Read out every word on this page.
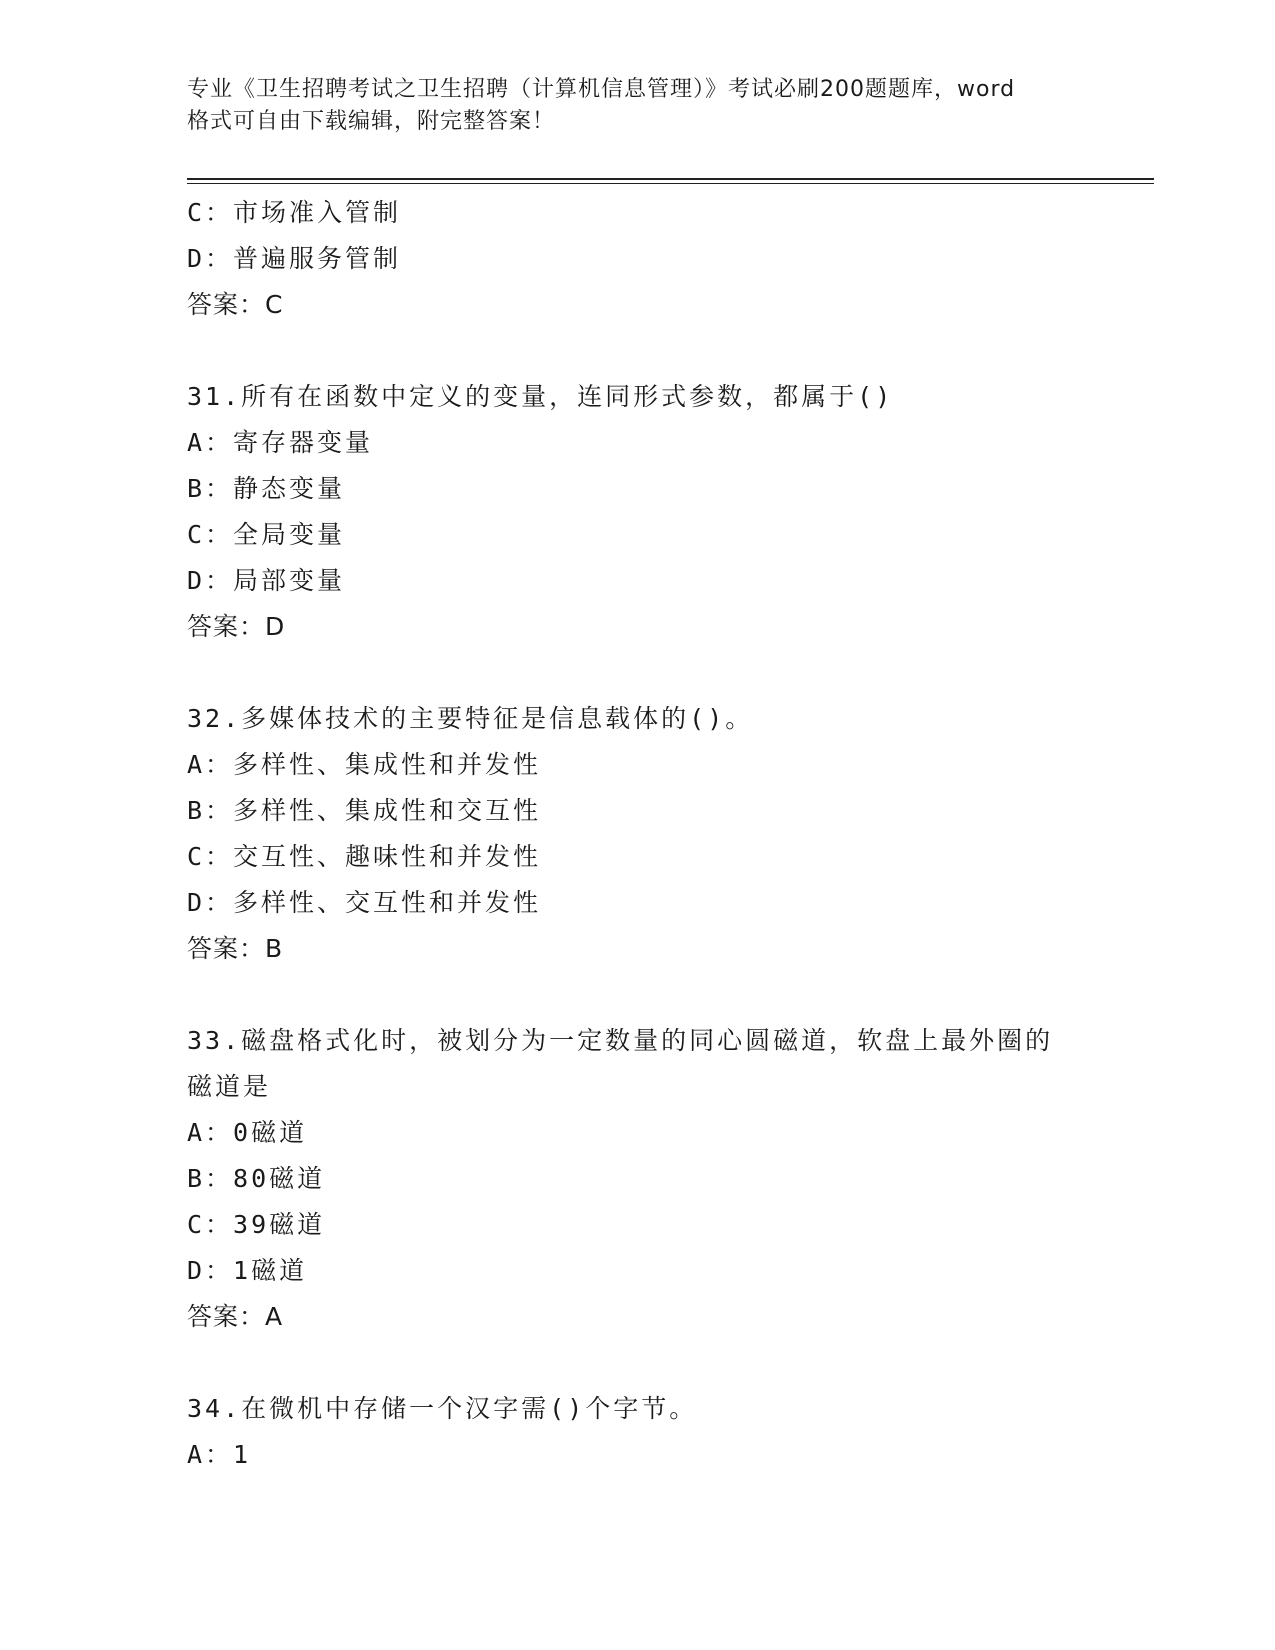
专业《卫生招聘考试之卫生招聘（计算机信息管理）》考试必刷200题题库，word
格式可自由下载编辑，附完整答案！
C：市场准入管制
D：普遍服务管制
答案：C
31.所有在函数中定义的变量，连同形式参数，都属于()
A：寄存器变量
B：静态变量
C：全局变量
D：局部变量
答案：D
32.多媒体技术的主要特征是信息载体的()。
A：多样性、集成性和并发性
B：多样性、集成性和交互性
C：交互性、趣味性和并发性
D：多样性、交互性和并发性
答案：B
33.磁盘格式化时，被划分为一定数量的同心圆磁道，软盘上最外圈的
磁道是
A：0磁道
B：80磁道
C：39磁道
D：1磁道
答案：A
34.在微机中存储一个汉字需()个字节。
A：1
